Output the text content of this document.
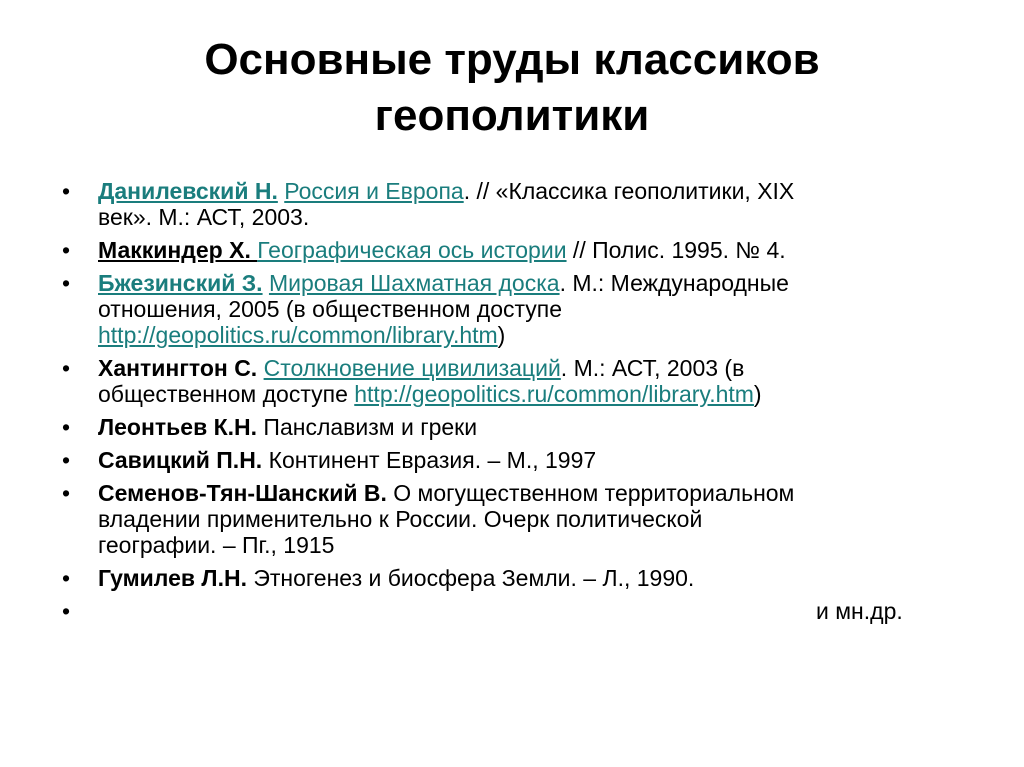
Основные труды классиков
геополитики
• Данилевский Н. Россия и Европа. // «Классика геополитики, XIX
век». М.: АСТ, 2003.
• Маккиндер Х. Географическая ось истории // Полис. 1995. № 4.
• Бжезинский З. Мировая Шахматная доска. М.: Международные
отношения, 2005 (в общественном доступе
http://geopolitics.ru/common/library.htm)
• Хантингтон С. Столкновение цивилизаций. М.: АСТ, 2003 (в
общественном доступе http://geopolitics.ru/common/library.htm)
• Леонтьев К.Н. Панславизм и греки
• Савицкий П.Н. Континент Евразия. – М., 1997
• Семенов-Тян-Шанский В. О могущественном территориальном
владении применительно к России. Очерк политической
географии. – Пг., 1915
• Гумилев Л.Н. Этногенез и биосфера Земли. – Л., 1990.
•	и мн.др.
